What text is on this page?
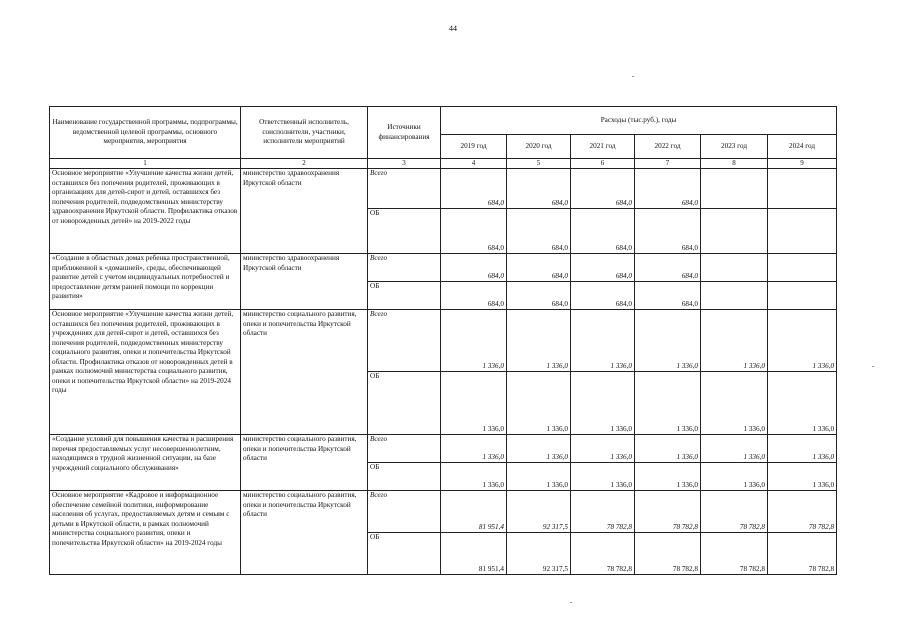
44
Наименование государственной программы, подпрограммы, ведомственной целевой программы, основного мероприятия, мероприятия	Ответственный исполнитель, соисполнители, участники, исполнители мероприятий	Источники финансирования	Расходы (тыс.руб.), годы					
			2019 год	2020 год	2021 год	2022 год	2023 год	2024 год
1	2	3	4	5	6	7	8	9
Основное мероприятие «Улучшение качества жизни детей, оставшихся без попечения родителей, проживающих в организациях для детей-сирот и детей, оставшихся без попечения родителей, подведомственных министерству здравоохранения Иркутской области. Профилактика отказов от новорожденных детей» на 2019-2022 годы	министерство здравоохранения Иркутской области	Всего	684,0	684,0	684,0	684,0		
		ОБ	684,0	684,0	684,0	684,0		
«Создание в областных домах ребенка пространственной, приближенной к «домашней», среды, обеспечивающей развитие детей с учетом индивидуальных потребностей и предоставление детям ранней помощи по коррекции развития»	министерство здравоохранения Иркутской области	Всего	684,0	684,0	684,0	684,0		
		ОБ	684,0	684,0	684,0	684,0		
Основное мероприятие «Улучшение качества жизни детей, оставшихся без попечения родителей, проживающих в учреждениях для детей-сирот и детей, оставшихся без попечения родителей, подведомственных министерству социального развития, опеки и попечительства Иркутской области. Профилактика отказов от новорожденных детей в рамках полномочий министерства социального развития, опеки и попечительства Иркутской области» на 2019-2024 годы	министерство социального развития, опеки и попечительства Иркутской области	Всего	1 336,0	1 336,0	1 336,0	1 336,0	1 336,0	1 336,0
		ОБ	1 336,0	1 336,0	1 336,0	1 336,0	1 336,0	1 336,0
«Создание условий для повышения качества и расширения перечня предоставляемых услуг несовершеннолетним, находящимся в трудной жизненной ситуации, на базе учреждений социального обслуживания»	министерство социального развития, опеки и попечительства Иркутской области	Всего	1 336,0	1 336,0	1 336,0	1 336,0	1 336,0	1 336,0
		ОБ	1 336,0	1 336,0	1 336,0	1 336,0	1 336,0	1 336,0
Основное мероприятие «Кадровое и информационное обеспечение семейной политики, информирование населения об услугах, предоставляемых детям и семьям с детьми в Иркутской области, в рамках полномочий министерства социального развития, опеки и попечительства Иркутской области» на 2019-2024 годы	министерство социального развития, опеки и попечительства Иркутской области	Всего	81 951,4	92 317,5	78 782,8	78 782,8	78 782,8	78 782,8
		ОБ	81 951,4	92 317,5	78 782,8	78 782,8	78 782,8	78 782,8
